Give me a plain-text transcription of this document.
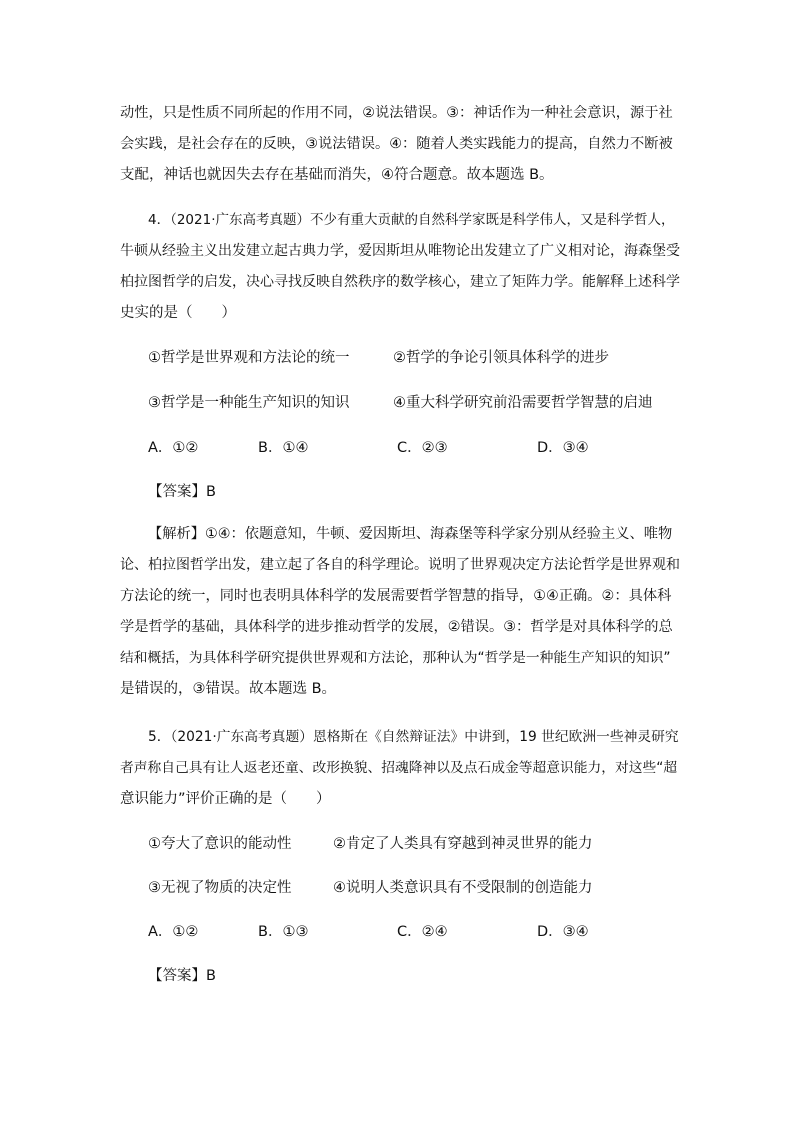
动性，只是性质不同所起的作用不同，②说法错误。③：神话作为一种社会意识，源于社
会实践，是社会存在的反映，③说法错误。④：随着人类实践能力的提高，自然力不断被
支配，神话也就因失去存在基础而消失，④符合题意。故本题选 B。
4．（2021·广东高考真题）不少有重大贡献的自然科学家既是科学伟人，又是科学哲人，
牛顿从经验主义出发建立起古典力学，爱因斯坦从唯物论出发建立了广义相对论，海森堡受
柏拉图哲学的启发，决心寻找反映自然秩序的数学核心，建立了矩阵力学。能解释上述科学
史实的是（　　）
①哲学是世界观和方法论的统一	②哲学的争论引领具体科学的进步
③哲学是一种能生产知识的知识	④重大科学研究前沿需要哲学智慧的启迪
A．①②	B．①④	C．②③	D．③④
【答案】B
【解析】①④：依题意知，牛顿、爱因斯坦、海森堡等科学家分别从经验主义、唯物
论、柏拉图哲学出发，建立起了各自的科学理论。说明了世界观决定方法论哲学是世界观和
方法论的统一，同时也表明具体科学的发展需要哲学智慧的指导，①④正确。②：具体科
学是哲学的基础，具体科学的进步推动哲学的发展，②错误。③：哲学是对具体科学的总
结和概括，为具体科学研究提供世界观和方法论，那种认为“哲学是一种能生产知识的知识”
是错误的，③错误。故本题选 B。
5．（2021·广东高考真题）恩格斯在《自然辩证法》中讲到，19 世纪欧洲一些神灵研究
者声称自己具有让人返老还童、改形换貌、招魂降神以及点石成金等超意识能力，对这些“超
意识能力”评价正确的是（　　）
①夸大了意识的能动性	②肯定了人类具有穿越到神灵世界的能力
③无视了物质的决定性	④说明人类意识具有不受限制的创造能力
A．①②	B．①③	C．②④	D．③④
【答案】B
